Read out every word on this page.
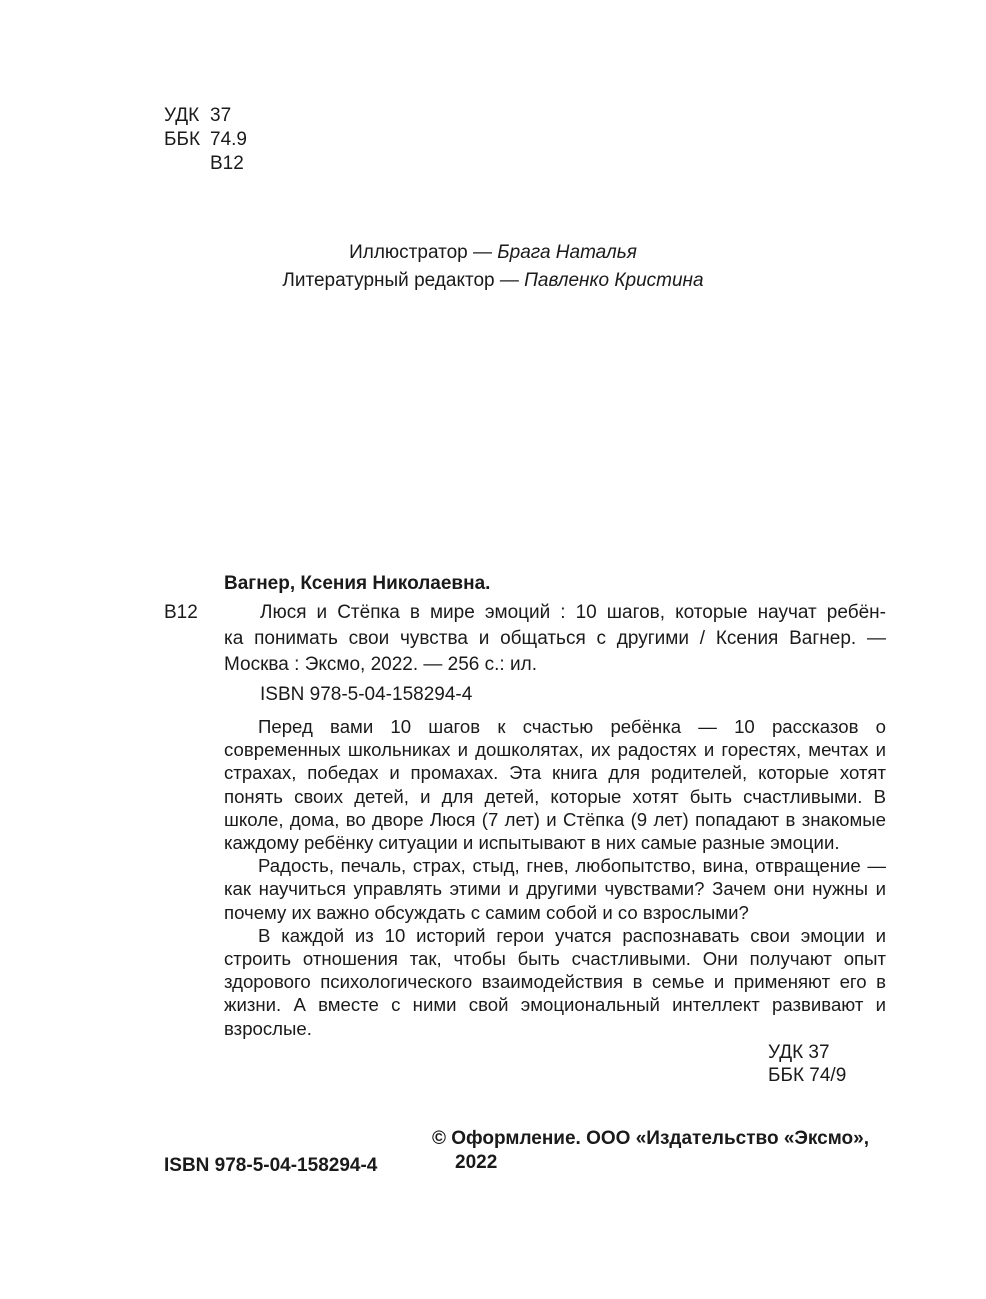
УДК 37
ББК 74.9
В12
Иллюстратор — Брага Наталья
Литературный редактор — Павленко Кристина
Вагнер, Ксения Николаевна.
В12	Люся и Стёпка в мире эмоций : 10 шагов, которые научат ребён-
ка понимать свои чувства и общаться с другими / Ксения Вагнер. —
Москва : Эксмо, 2022. — 256 с.: ил.
ISBN 978-5-04-158294-4

Перед вами 10 шагов к счастью ребёнка — 10 рассказов о современных школьниках и дошколятах, их радостях и горестях, мечтах и страхах, победах и промахах. Эта книга для родителей, которые хотят понять своих детей, и для детей, которые хотят быть счастливыми. В школе, дома, во дворе Люся (7 лет) и Стёпка (9 лет) попадают в знакомые каждому ребёнку ситуации и испытывают в них самые разные эмоции.

Радость, печаль, страх, стыд, гнев, любопытство, вина, отвращение — как научиться управлять этими и другими чувствами? Зачем они нужны и почему их важно обсуждать с самим собой и со взрослыми?

В каждой из 10 историй герои учатся распознавать свои эмоции и строить отношения так, чтобы быть счастливыми. Они получают опыт здорового психологического взаимодействия в семье и применяют его в жизни. А вместе с ними свой эмоциональный интеллект развивают и взрослые.

УДК 37
ББК 74/9
ISBN 978-5-04-158294-4
© Оформление. ООО «Издательство «Эксмо»,
2022
